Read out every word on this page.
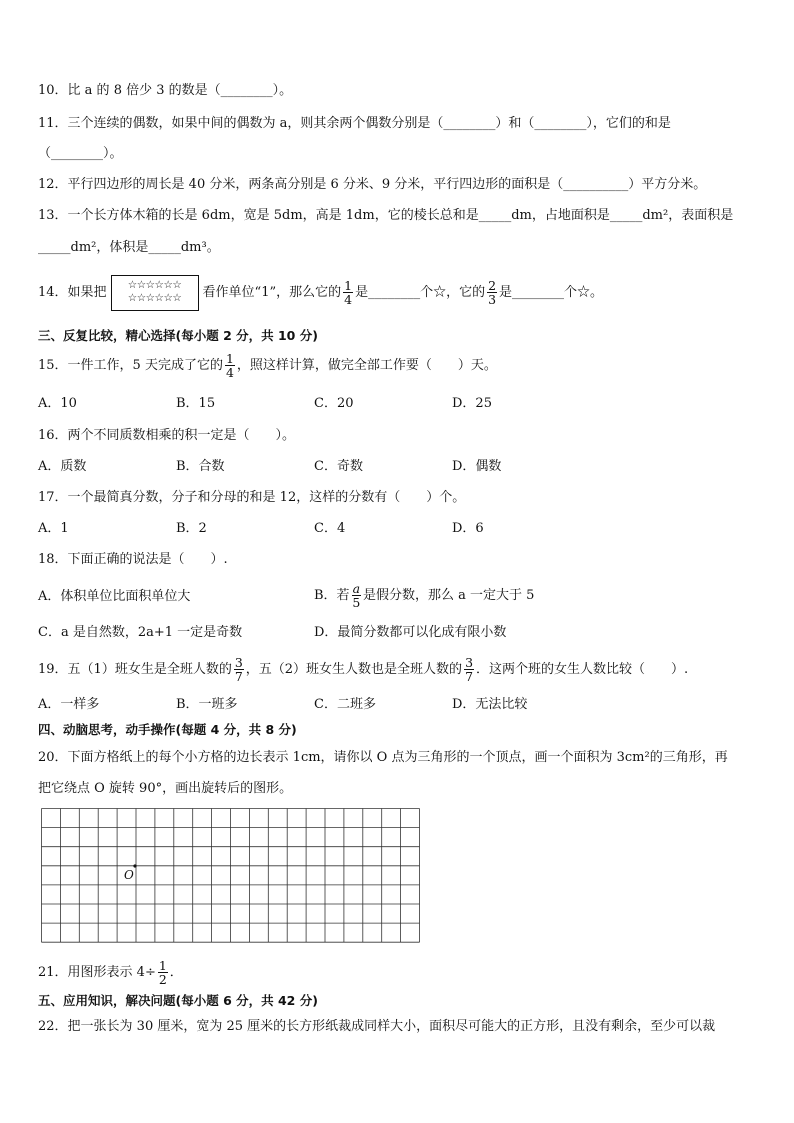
10．比 a 的 8 倍少 3 的数是（________）。
11．三个连续的偶数，如果中间的偶数为 a，则其余两个偶数分别是（________）和（________），它们的和是
（________）。
12．平行四边形的周长是 40 分米，两条高分别是 6 分米、9 分米，平行四边形的面积是（__________）平方分米。
13．一个长方体木箱的长是 6dm，宽是 5dm，高是 1dm，它的棱长总和是_____dm，占地面积是_____dm²，表面积是
_____dm²，体积是_____dm³。
14．如果把
☆☆☆☆☆☆
☆☆☆☆☆☆	看作单位“1”，那么它的 $\frac{1}{4}$ 是________个☆，它的 $\frac{2}{3}$ 是________个☆。
三、反复比较，精心选择(每小题 2 分，共 10 分)
15．一件工作，5 天完成了它的 $\frac{1}{4}$ ，照这样计算，做完全部工作要（　　）天。
A．10	B．15	C．20	D．25
16．两个不同质数相乘的积一定是（　　）。
A．质数	B．合数	C．奇数	D．偶数
17．一个最简真分数，分子和分母的和是 12，这样的分数有（　　）个。
A．1	B．2	C．4	D．6
18．下面正确的说法是（　　）.
A．体积单位比面积单位大	B．若 $\frac{a}{5}$ 是假分数，那么 a 一定大于 5
C．a 是自然数，2a+1 一定是奇数	D．最简分数都可以化成有限小数
19．五（1）班女生是全班人数的 $\frac{3}{7}$ ，五（2）班女生人数也是全班人数的 $\frac{3}{7}$ ．这两个班的女生人数比较（　　）.
A．一样多	B．一班多	C．二班多	D．无法比较
四、动脑思考，动手操作(每题 4 分，共 8 分)
20．下面方格纸上的每个小方格的边长表示 1cm，请你以 O 点为三角形的一个顶点，画一个面积为 3cm²的三角形，再
把它绕点 O 旋转 90°，画出旋转后的图形。
O
21．用图形表示 $4\div \frac{1}{2}$ ．
五、应用知识，解决问题(每小题 6 分，共 42 分)
22．把一张长为 30 厘米，宽为 25 厘米的长方形纸裁成同样大小，面积尽可能大的正方形，且没有剩余，至少可以裁
